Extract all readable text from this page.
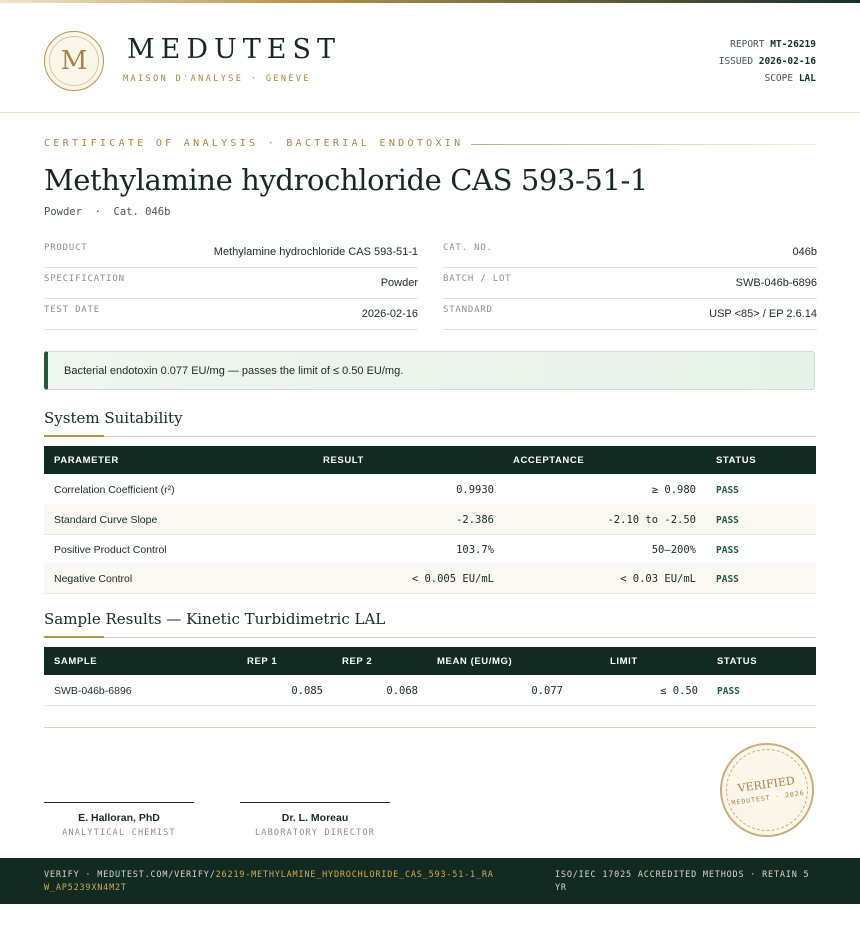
M	MEDUTEST
MAISON D'ANALYSE · GENÈVE
REPORT MT-26219
ISSUED 2026-02-16
SCOPE LAL
CERTIFICATE OF ANALYSIS · BACTERIAL ENDOTOXIN
Methylamine hydrochloride CAS 593-51-1
Powder  ·  Cat. 046b
PRODUCT	Methylamine hydrochloride CAS 593-51-1
SPECIFICATION	Powder
TEST DATE	2026-02-16
CAT. NO.	046b
BATCH / LOT	SWB-046b-6896
STANDARD	USP <85> / EP 2.6.14
Bacterial endotoxin 0.077 EU/mg — passes the limit of ≤ 0.50 EU/mg.
System Suitability
PARAMETER	RESULT	ACCEPTANCE	STATUS
Correlation Coefficient (r²)	0.9930	≥ 0.980 PASS
Standard Curve Slope	-2.386	-2.10 to -2.50 PASS
Positive Product Control	103.7%	50–200% PASS
Negative Control	< 0.005 EU/mL	< 0.03 EU/mL PASS
Sample Results — Kinetic Turbidimetric LAL
SAMPLE	REP 1	REP 2	MEAN (EU/MG)	LIMIT	STATUS
SWB-046b-6896	0.085	0.068	0.077	≤ 0.50 PASS
E. Halloran, PhD
ANALYTICAL CHEMIST
Dr. L. Moreau
LABORATORY DIRECTOR
VERIFIED
MEDUTEST · 2026
VERIFY · MEDUTEST.COM/VERIFY/26219-METHYLAMINE_HYDROCHLORIDE_CAS_593-51-1_RAW_AP5239XN4M2T
ISO/IEC 17025 ACCREDITED METHODS · RETAIN 5 YR
